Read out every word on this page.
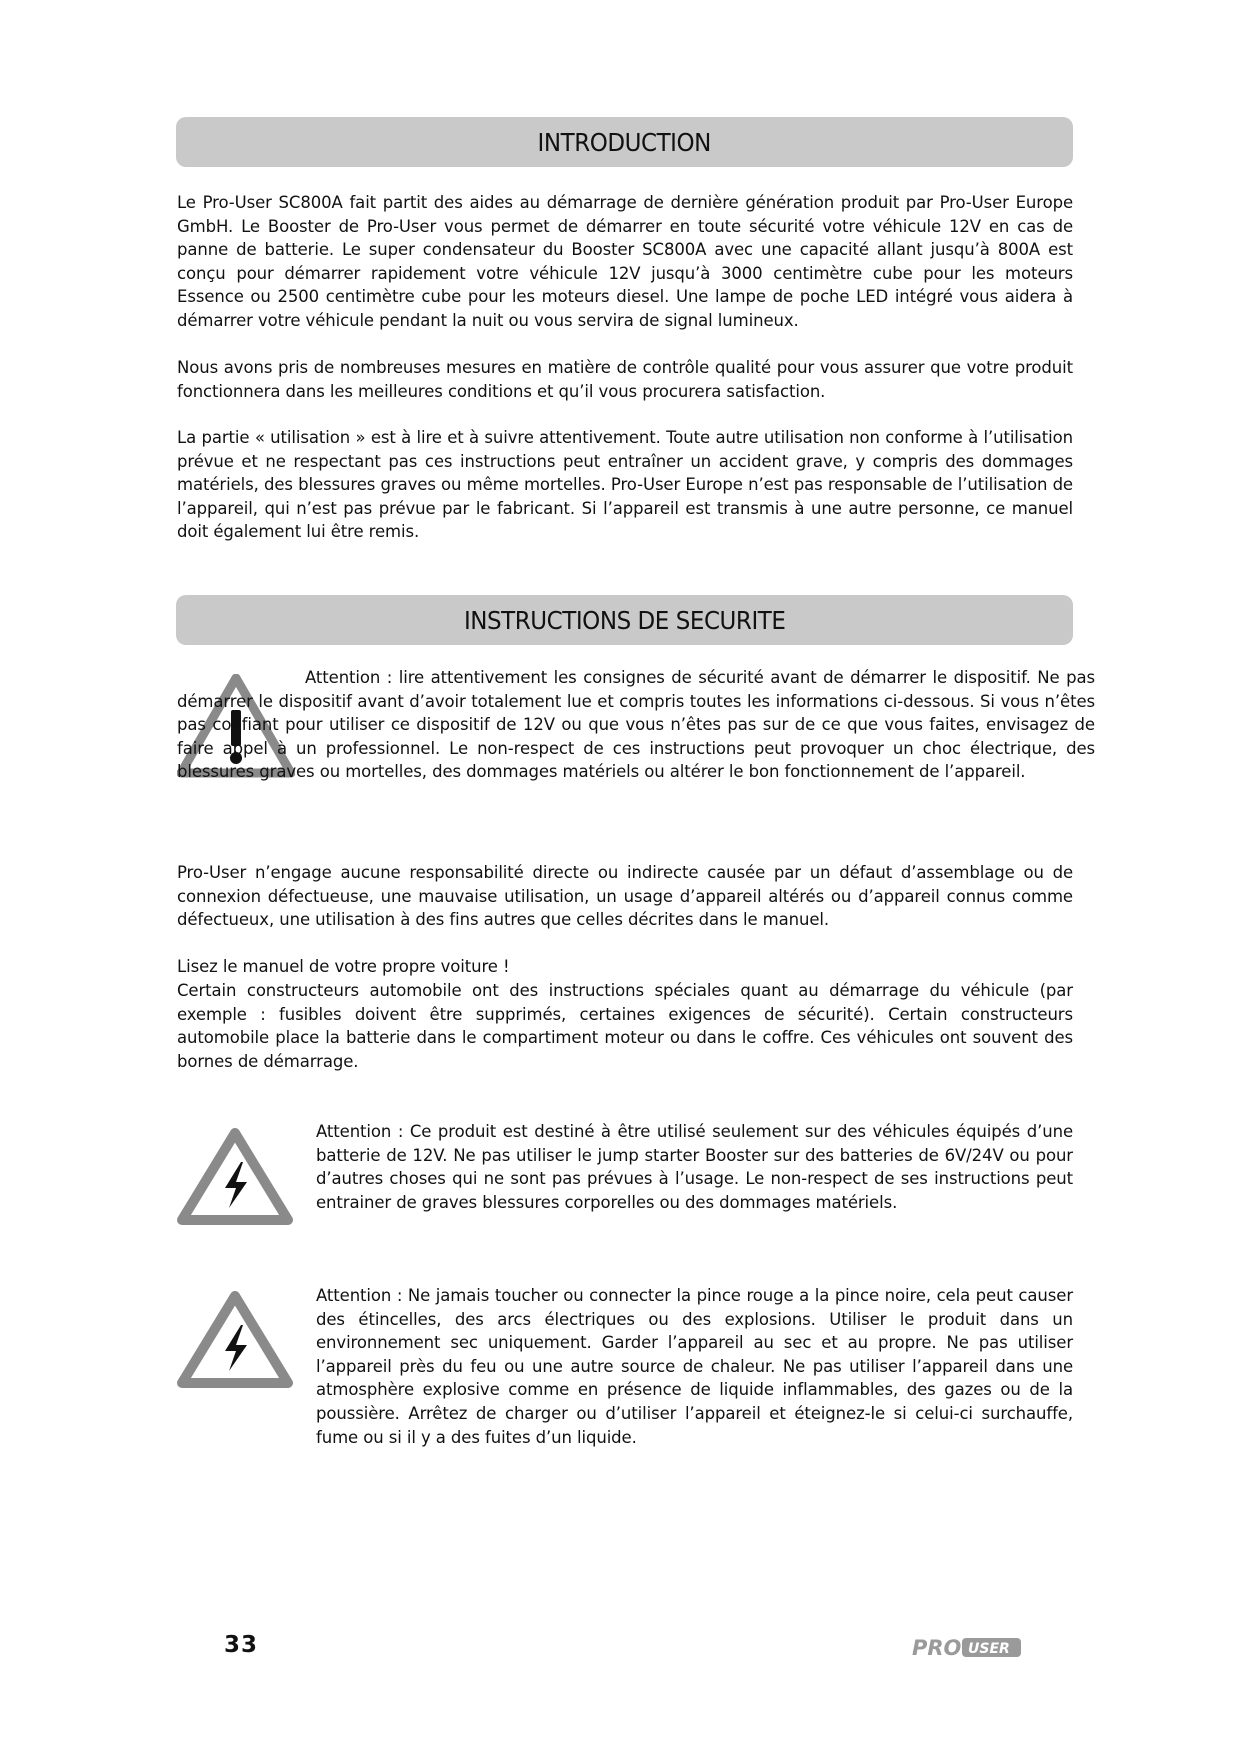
INTRODUCTION

Le Pro-User SC800A fait partit des aides au démarrage de dernière génération produit par Pro-User Europe GmbH. Le Booster de Pro-User vous permet de démarrer en toute sécurité votre véhicule 12V en cas de panne de batterie. Le super condensateur du Booster SC800A avec une capacité allant jusqu’à 800A est conçu pour démarrer rapidement votre véhicule 12V jusqu’à 3000 centimètre cube pour les moteurs Essence ou 2500 centimètre cube pour les moteurs diesel. Une lampe de poche LED intégré vous aidera à démarrer votre véhicule pendant la nuit ou vous servira de signal lumineux.

Nous avons pris de nombreuses mesures en matière de contrôle qualité pour vous assurer que votre produit fonctionnera dans les meilleures conditions et qu’il vous procurera satisfaction.

La partie « utilisation » est à lire et à suivre attentivement. Toute autre utilisation non conforme à l’utilisation prévue et ne respectant pas ces instructions peut entraîner un accident grave, y compris des dommages matériels, des blessures graves ou même mortelles. Pro-User Europe n’est pas responsable de l’utilisation de l’appareil, qui n’est pas prévue par le fabricant. Si l’appareil est transmis à une autre personne, ce manuel doit également lui être remis.

INSTRUCTIONS DE SECURITE

Attention : lire attentivement les consignes de sécurité avant de démarrer le dispositif. Ne pas démarrer le dispositif avant d’avoir totalement lue et compris toutes les informations ci-dessous. Si vous n’êtes pas confiant pour utiliser ce dispositif de 12V ou que vous n’êtes pas sur de ce que vous faites, envisagez de faire appel à un professionnel. Le non-respect de ces instructions peut provoquer un choc électrique, des blessures graves ou mortelles, des dommages matériels ou altérer le bon fonctionnement de l’appareil.

Pro-User n’engage aucune responsabilité directe ou indirecte causée par un défaut d’assemblage ou de connexion défectueuse, une mauvaise utilisation, un usage d’appareil altérés ou d’appareil connus comme défectueux, une utilisation à des fins autres que celles décrites dans le manuel.

Lisez le manuel de votre propre voiture !

Certain constructeurs automobile ont des instructions spéciales quant au démarrage du véhicule (par exemple : fusibles doivent être supprimés, certaines exigences de sécurité). Certain constructeurs automobile place la batterie dans le compartiment moteur ou dans le coffre. Ces véhicules ont souvent des bornes de démarrage.

Attention : Ce produit est destiné à être utilisé seulement sur des véhicules équipés d’une batterie de 12V. Ne pas utiliser le jump starter Booster sur des batteries de 6V/24V ou pour d’autres choses qui ne sont pas prévues à l’usage. Le non-respect de ses instructions peut entrainer de graves blessures corporelles ou des dommages matériels.

Attention : Ne jamais toucher ou connecter la pince rouge a la pince noire, cela peut causer des étincelles, des arcs électriques ou des explosions. Utiliser le produit dans un environnement sec uniquement. Garder l’appareil au sec et au propre. Ne pas utiliser l’appareil près du feu ou une autre source de chaleur. Ne pas utiliser l’appareil dans une atmosphère explosive comme en présence de liquide inflammables, des gazes ou de la poussière. Arrêtez de charger ou d’utiliser l’appareil et éteignez-le si celui-ci surchauffe, fume ou si il y a des fuites d’un liquide.

33	PRO USER
